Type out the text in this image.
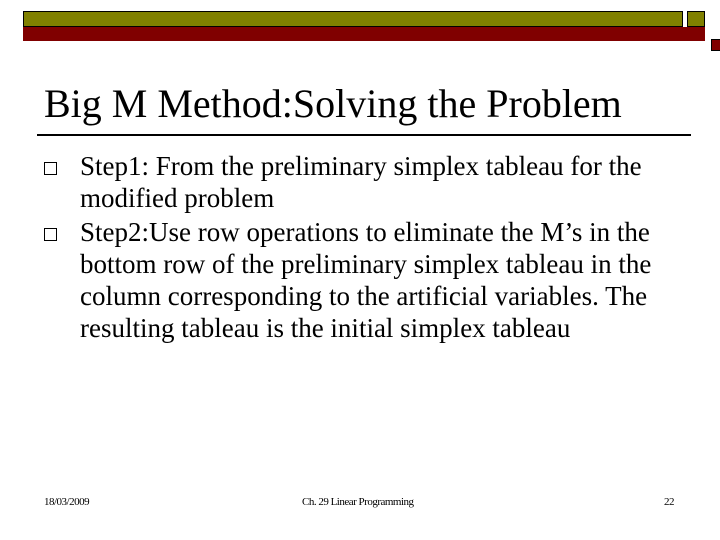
Big M Method:Solving the Problem
Step1: From the preliminary simplex tableau for the modified problem
Step2:Use row operations to eliminate the M’s in the bottom row of the preliminary simplex tableau in the column corresponding to the artificial variables. The resulting tableau is the initial simplex tableau
18/03/2009	Ch. 29 Linear Programming	22
